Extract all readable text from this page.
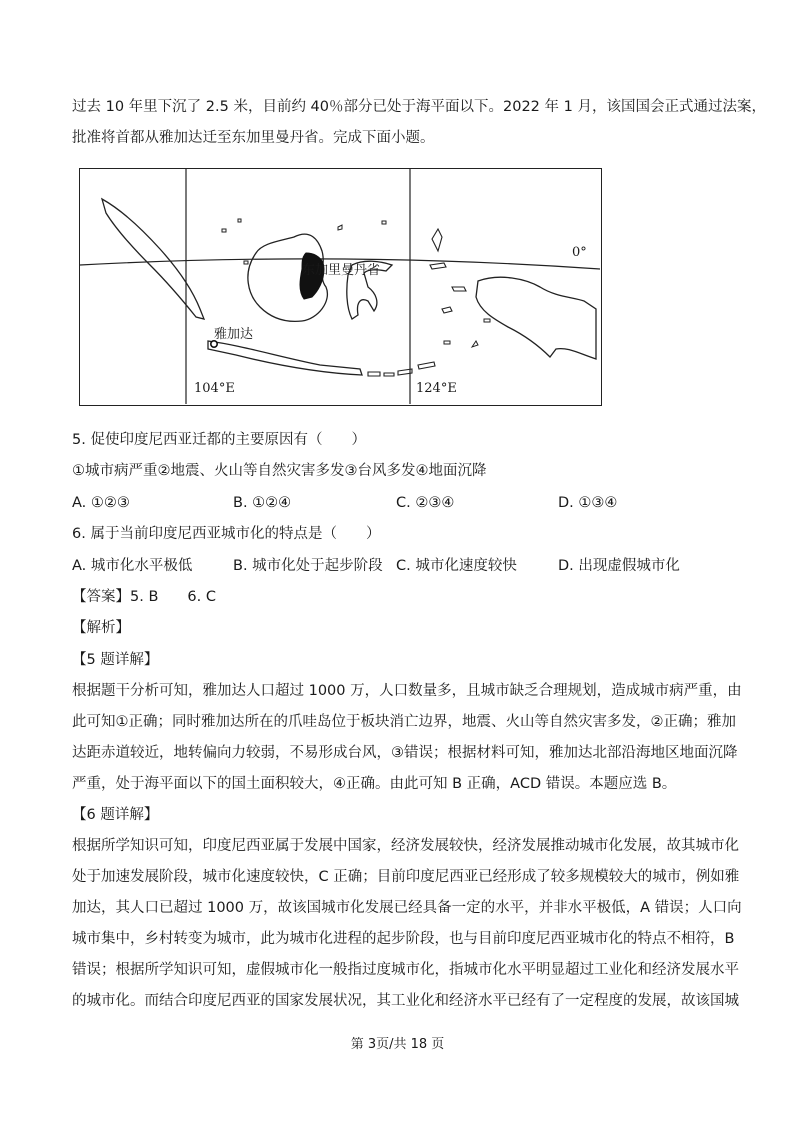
过去 10 年里下沉了 2.5 米，目前约 40％部分已处于海平面以下。2022 年 1 月，该国国会正式通过法案，
批准将首都从雅加达迁至东加里曼丹省。完成下面小题。
东加里曼丹省
雅加达
0°
104°E	124°E
5. 促使印度尼西亚迁都的主要原因有（　　）
①城市病严重②地震、火山等自然灾害多发③台风多发④地面沉降
A. ①②③	B. ①②④	C. ②③④	D. ①③④
6. 属于当前印度尼西亚城市化的特点是（　　）
A. 城市化水平极低	B. 城市化处于起步阶段 C. 城市化速度较快	D. 出现虚假城市化
【答案】5. B　　6. C
【解析】
【5 题详解】
根据题干分析可知，雅加达人口超过 1000 万，人口数量多，且城市缺乏合理规划，造成城市病严重，由
此可知①正确；同时雅加达所在的爪哇岛位于板块消亡边界，地震、火山等自然灾害多发，②正确；雅加
达距赤道较近，地转偏向力较弱，不易形成台风，③错误；根据材料可知，雅加达北部沿海地区地面沉降
严重，处于海平面以下的国土面积较大，④正确。由此可知 B 正确，ACD 错误。本题应选 B。
【6 题详解】
根据所学知识可知，印度尼西亚属于发展中国家，经济发展较快，经济发展推动城市化发展，故其城市化
处于加速发展阶段，城市化速度较快，C 正确；目前印度尼西亚已经形成了较多规模较大的城市，例如雅
加达，其人口已超过 1000 万，故该国城市化发展已经具备一定的水平，并非水平极低，A 错误；人口向
城市集中，乡村转变为城市，此为城市化进程的起步阶段，也与目前印度尼西亚城市化的特点不相符，B
错误；根据所学知识可知，虚假城市化一般指过度城市化，指城市化水平明显超过工业化和经济发展水平
的城市化。而结合印度尼西亚的国家发展状况，其工业化和经济水平已经有了一定程度的发展，故该国城
第 3页/共 18 页
